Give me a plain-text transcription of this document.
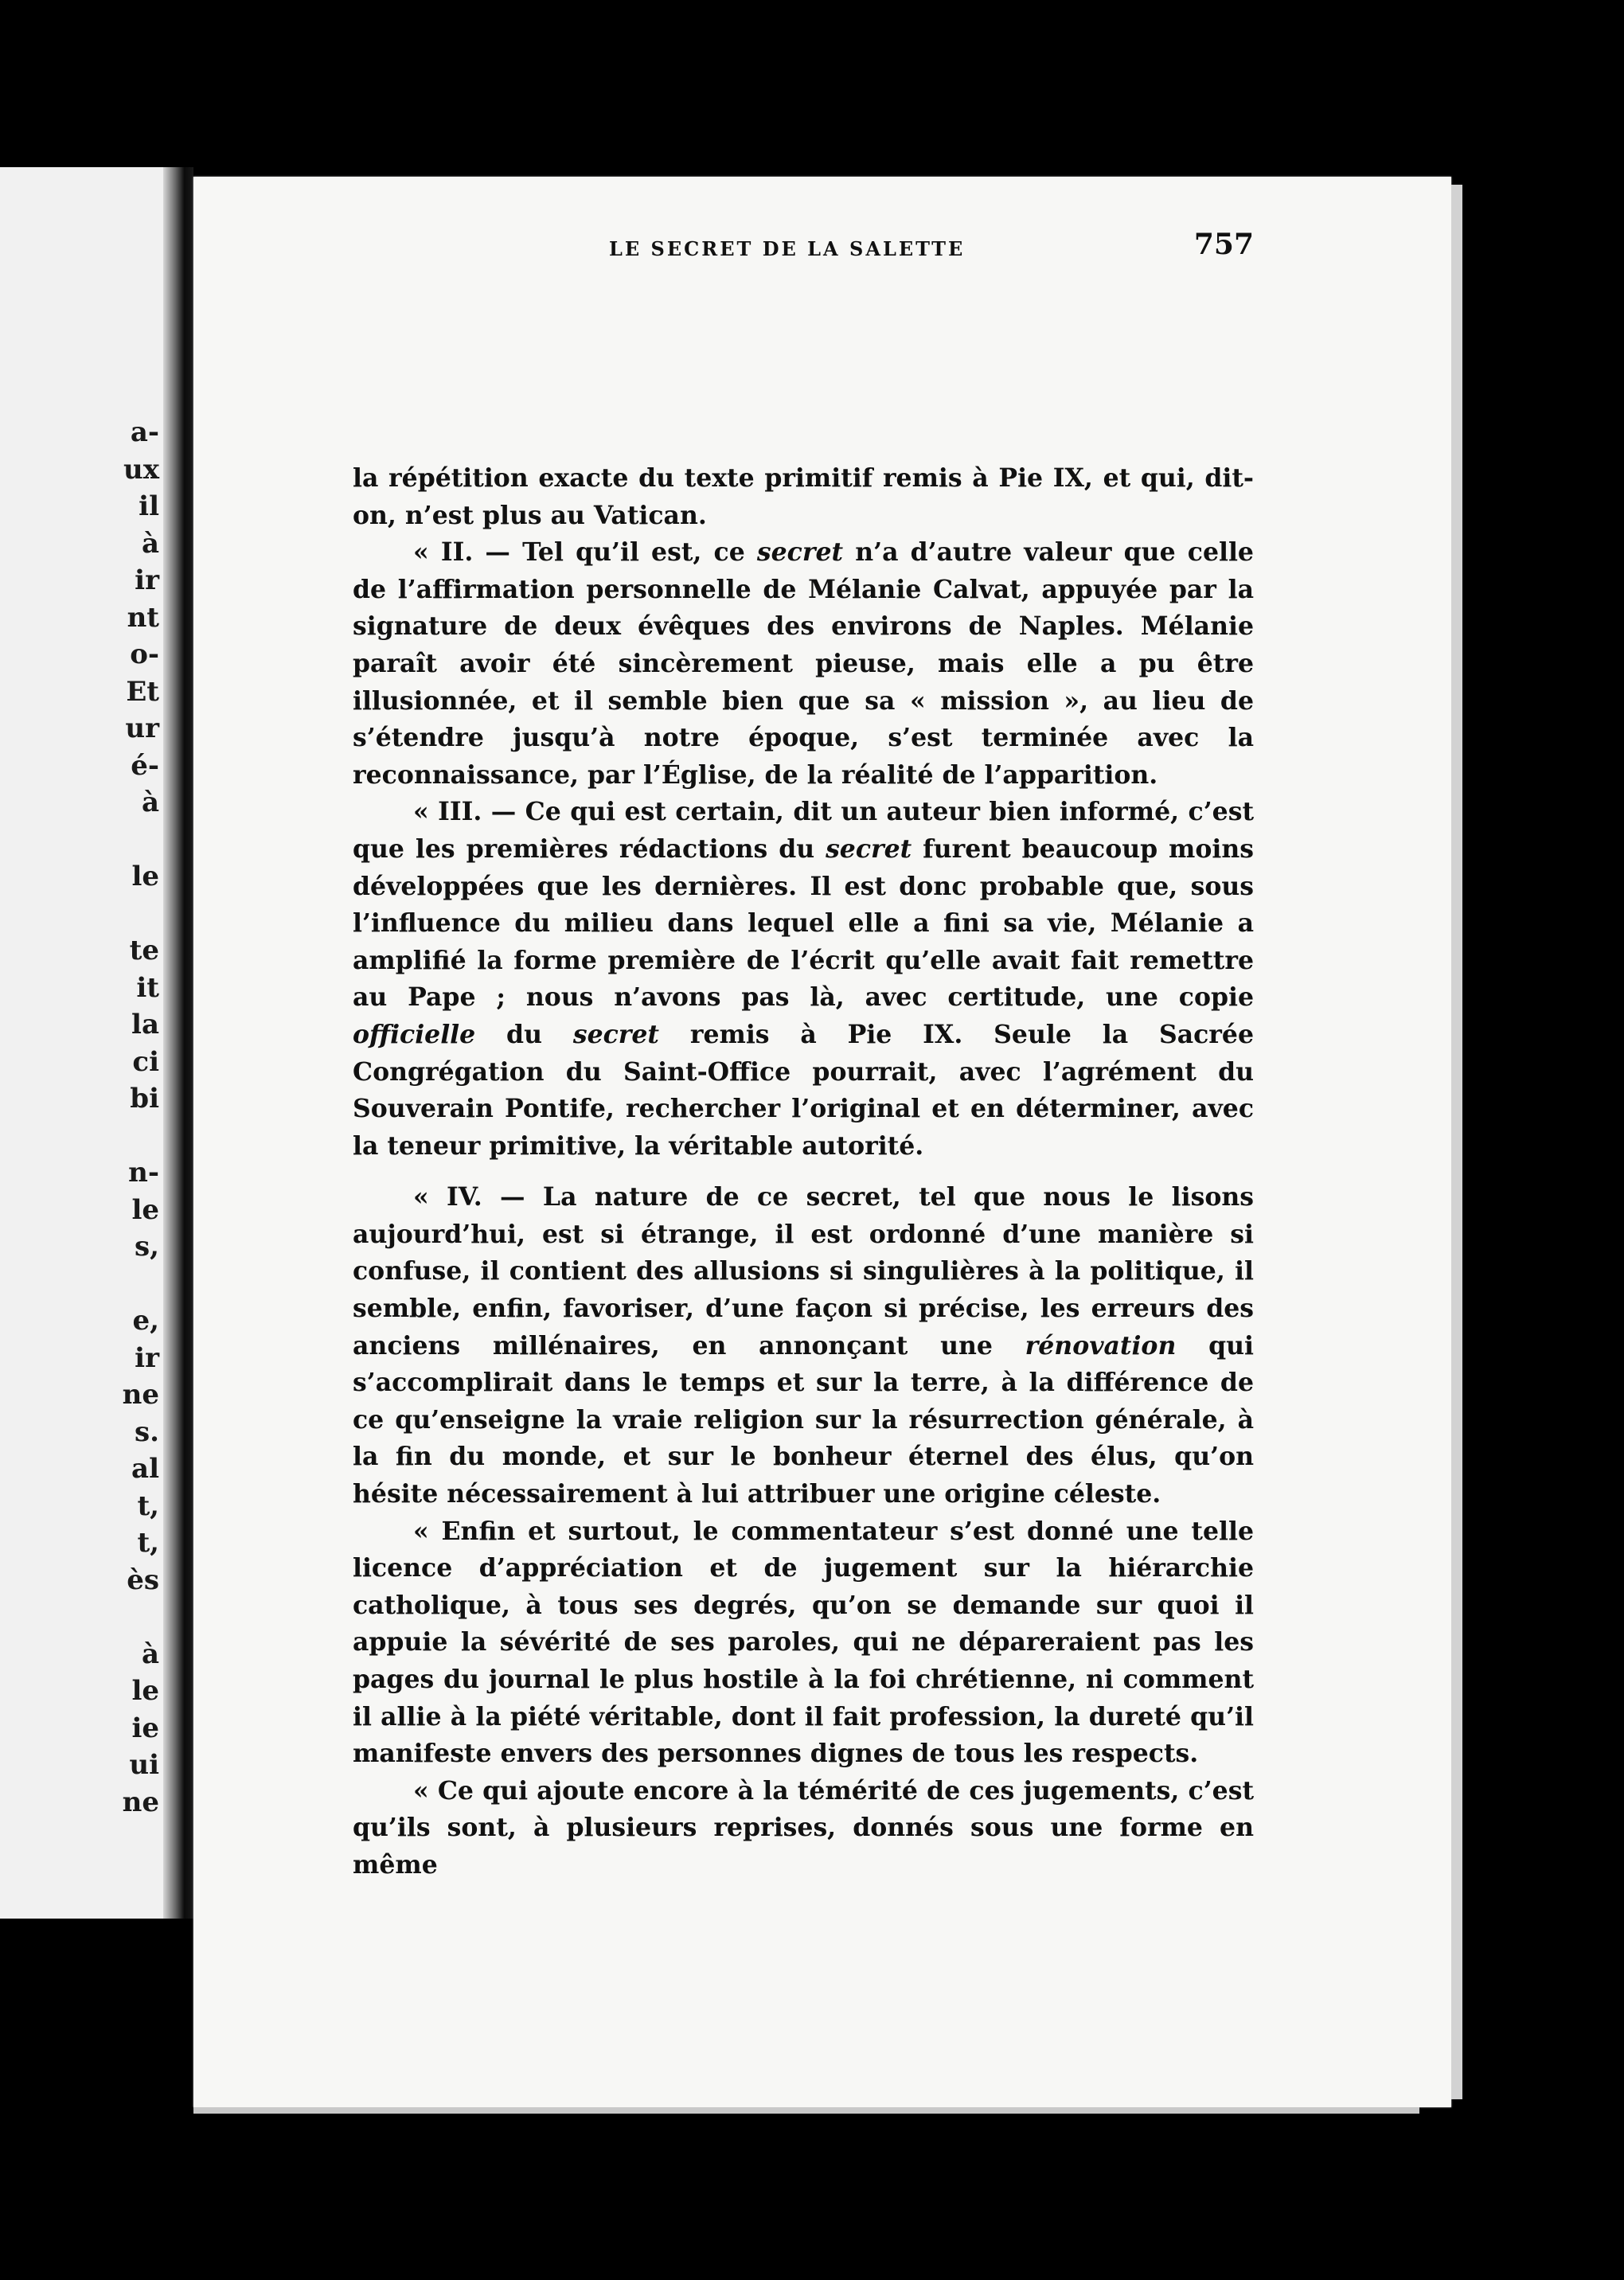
a-
ux
il
à
ir
nt
o-
Et
ur
é-
à

le

te
it
la
ci
bi

n-
le
s,

e,
ir
ne
s.
al
t,
t,
ès

à
le
ie
ui
ne
LE SECRET DE LA SALETTE	757

la répétition exacte du texte primitif remis à Pie IX, et qui, dit-on, n’est plus au Vatican.

« II. — Tel qu’il est, ce secret n’a d’autre valeur que celle de l’affirmation personnelle de Mélanie Calvat, appuyée par la signature de deux évêques des environs de Naples. Mélanie paraît avoir été sincèrement pieuse, mais elle a pu être illusionnée, et il semble bien que sa « mission », au lieu de s’étendre jusqu’à notre époque, s’est terminée avec la reconnaissance, par l’Église, de la réalité de l’apparition.

« III. — Ce qui est certain, dit un auteur bien informé, c’est que les premières rédactions du secret furent beaucoup moins développées que les dernières. Il est donc probable que, sous l’influence du milieu dans lequel elle a fini sa vie, Mélanie a amplifié la forme première de l’écrit qu’elle avait fait remettre au Pape ; nous n’avons pas là, avec certitude, une copie officielle du secret remis à Pie IX. Seule la Sacrée Congrégation du Saint-Office pourrait, avec l’agrément du Souverain Pontife, rechercher l’original et en déterminer, avec la teneur primitive, la véritable autorité.

« IV. — La nature de ce secret, tel que nous le lisons aujourd’hui, est si étrange, il est ordonné d’une manière si confuse, il contient des allusions si singulières à la politique, il semble, enfin, favoriser, d’une façon si précise, les erreurs des anciens millénaires, en annonçant une rénovation qui s’accomplirait dans le temps et sur la terre, à la différence de ce qu’enseigne la vraie religion sur la résurrection générale, à la fin du monde, et sur le bonheur éternel des élus, qu’on hésite nécessairement à lui attribuer une origine céleste.

« Enfin et surtout, le commentateur s’est donné une telle licence d’appréciation et de jugement sur la hiérarchie catholique, à tous ses degrés, qu’on se demande sur quoi il appuie la sévérité de ses paroles, qui ne dépareraient pas les pages du journal le plus hostile à la foi chrétienne, ni comment il allie à la piété véritable, dont il fait profession, la dureté qu’il manifeste envers des personnes dignes de tous les respects.

« Ce qui ajoute encore à la témérité de ces jugements, c’est qu’ils sont, à plusieurs reprises, donnés sous une forme en même
